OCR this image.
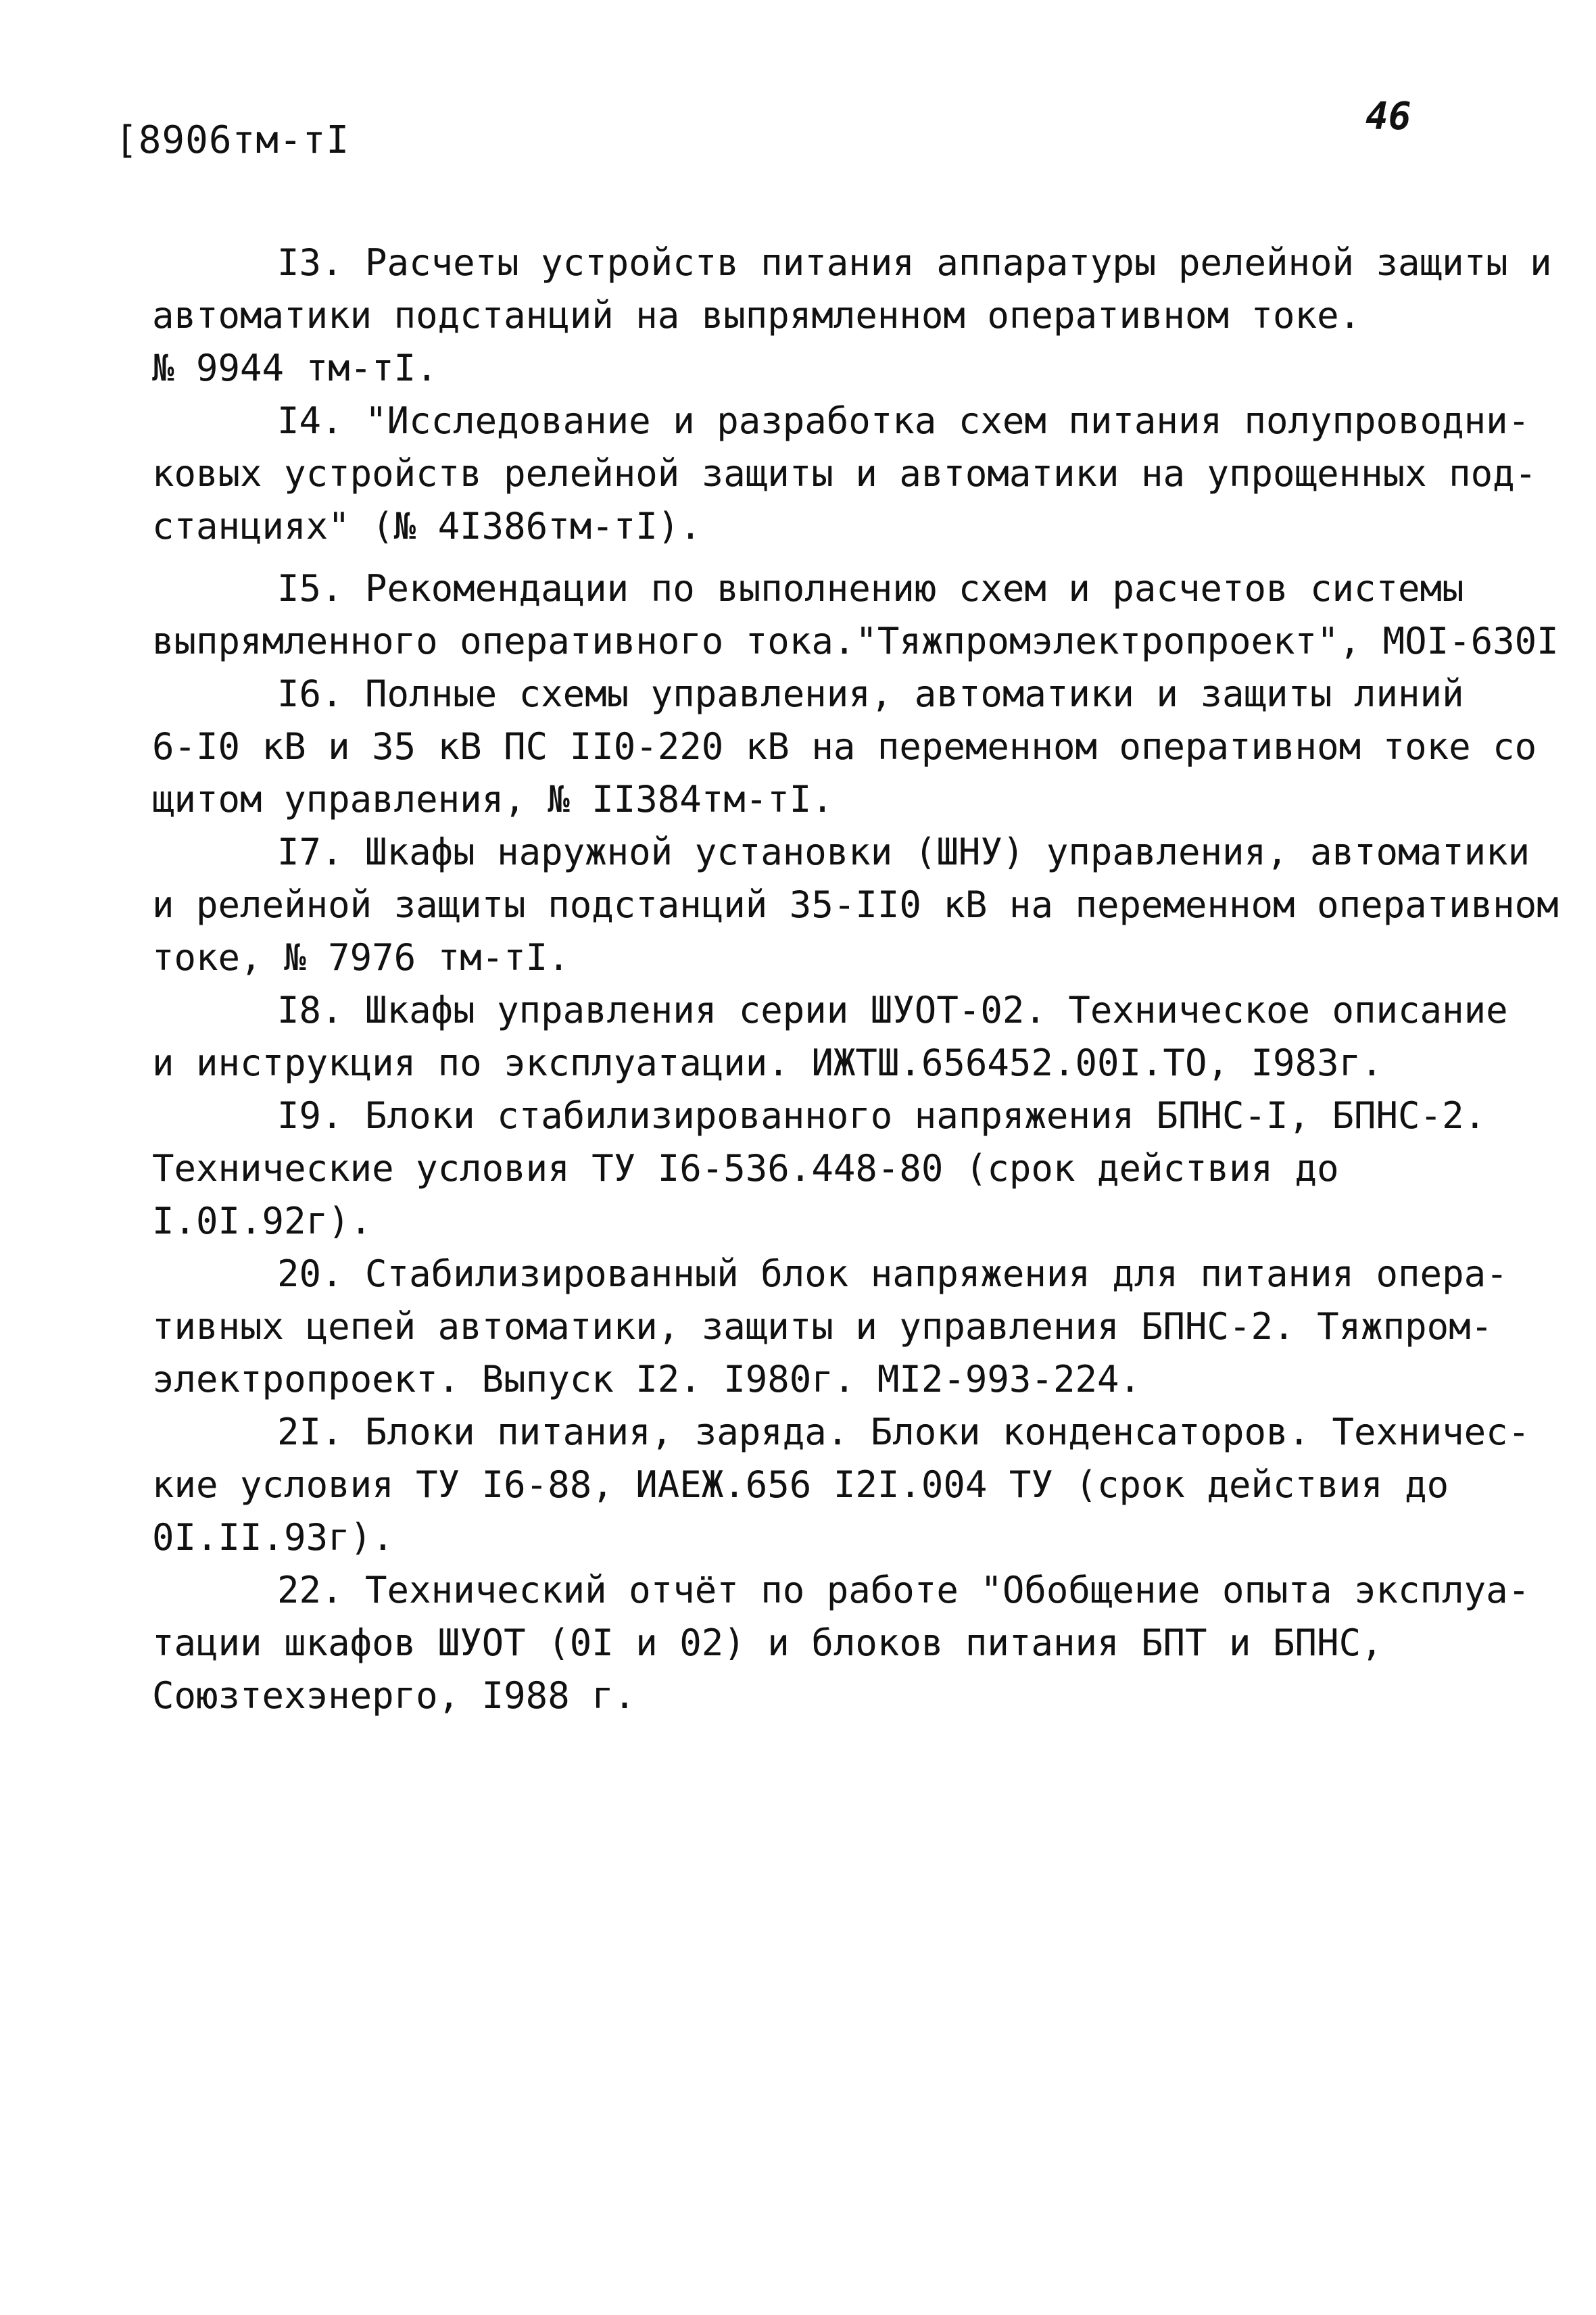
[8906тм-тI
46
I3. Расчеты устройств питания аппаратуры релейной защиты и
автоматики подстанций на выпрямленном оперативном токе.
№ 9944 тм-тI.
I4. "Исследование и разработка схем питания полупроводни-
ковых устройств релейной защиты и автоматики на упрощенных под-
станциях" (№ 4I386тм-тI).
I5. Рекомендации по выполнению схем и расчетов системы
выпрямленного оперативного тока."Тяжпромэлектропроект", МОI-630I
I6. Полные схемы управления, автоматики и защиты линий
6-I0 кВ и 35 кВ ПС II0-220 кВ на переменном оперативном токе со
щитом управления, № II384тм-тI.
I7. Шкафы наружной установки (ШНУ) управления, автоматики
и релейной защиты подстанций 35-II0 кВ на переменном оперативном
токе, № 7976 тм-тI.
I8. Шкафы управления серии ШУОТ-02. Техническое описание
и инструкция по эксплуатации. ИЖТШ.656452.00I.ТО, I983г.
I9. Блоки стабилизированного напряжения БПНС-I, БПНС-2.
Технические условия ТУ I6-536.448-80 (срок действия до
I.0I.92г).
20. Стабилизированный блок напряжения для питания опера-
тивных цепей автоматики, защиты и управления БПНС-2. Тяжпром-
электропроект. Выпуск I2. I980г. МI2-993-224.
2I. Блоки питания, заряда. Блоки конденсаторов. Техничес-
кие условия ТУ I6-88, ИАЕЖ.656 I2I.004 ТУ (срок действия до
0I.II.93г).
22. Технический отчёт по работе "Обобщение опыта эксплуа-
тации шкафов ШУОТ (0I и 02) и блоков питания БПТ и БПНС,
Союзтехэнерго, I988 г.
